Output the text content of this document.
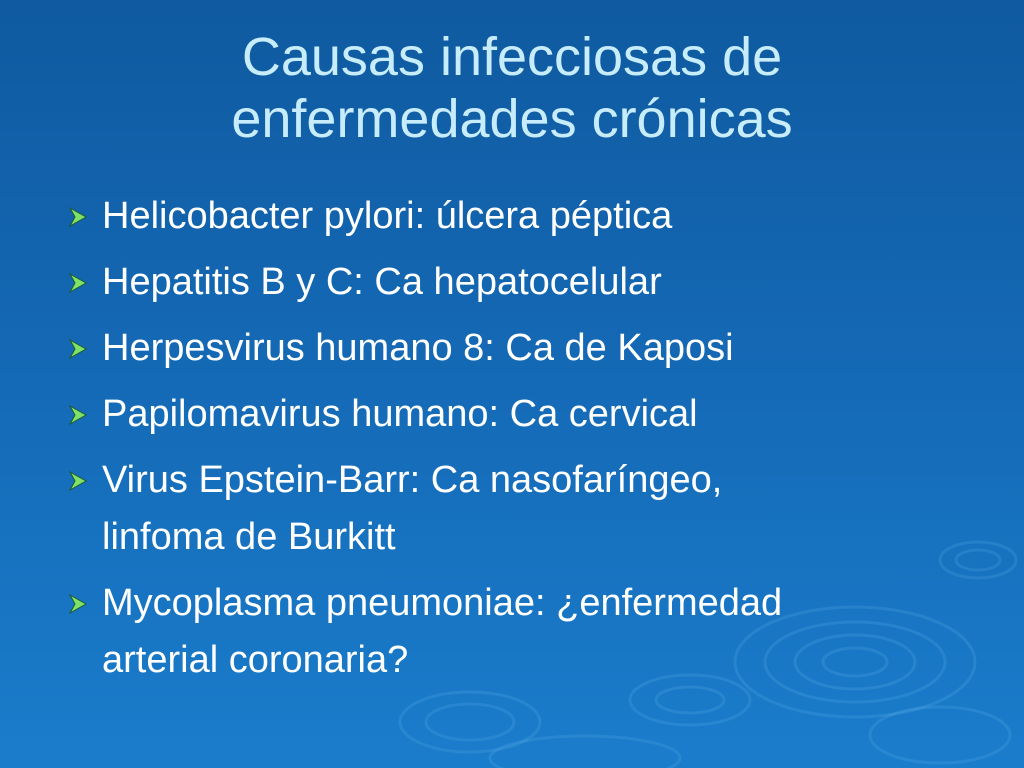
Causas infecciosas de
enfermedades crónicas
Helicobacter pylori: úlcera péptica
Hepatitis B y C: Ca hepatocelular
Herpesvirus humano 8: Ca de Kaposi
Papilomavirus humano: Ca cervical
Virus Epstein-Barr: Ca nasofaríngeo,
linfoma de Burkitt
Mycoplasma pneumoniae: ¿enfermedad
arterial coronaria?
